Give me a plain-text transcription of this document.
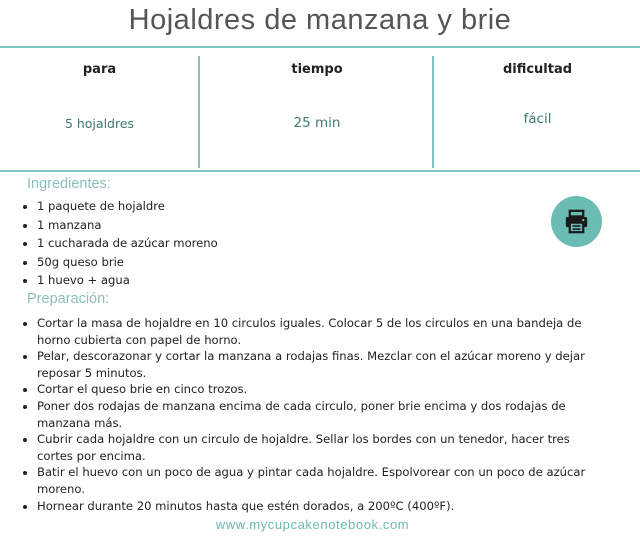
Hojaldres de manzana y brie
para
5 hojaldres
tiempo
25 min
dificultad
fácil
Ingredientes:
• 1 paquete de hojaldre
• 1 manzana
• 1 cucharada de azúcar moreno
• 50g queso brie
• 1 huevo + agua
Preparación:
• Cortar la masa de hojaldre en 10 circulos iguales. Colocar 5 de los circulos en una bandeja de horno cubierta con papel de horno.
• Pelar, descorazonar y cortar la manzana a rodajas finas. Mezclar con el azúcar moreno y dejar reposar 5 minutos.
• Cortar el queso brie en cinco trozos.
• Poner dos rodajas de manzana encima de cada circulo, poner brie encima y dos rodajas de manzana más.
• Cubrir cada hojaldre con un circulo de hojaldre. Sellar los bordes con un tenedor, hacer tres cortes por encima.
• Batir el huevo con un poco de agua y pintar cada hojaldre. Espolvorear con un poco de azúcar moreno.
• Hornear durante 20 minutos hasta que estén dorados, a 200ºC (400ºF).
www.mycupcakenotebook.com
